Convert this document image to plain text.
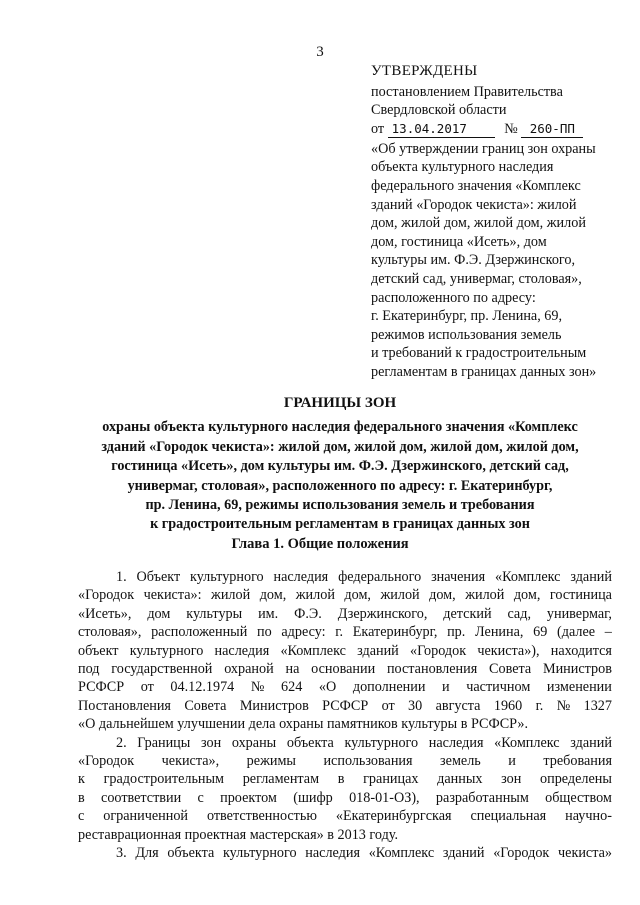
3
УТВЕРЖДЕНЫ
постановлением Правительства
Свердловской области
от 13.04.2017	№ 260-ПП
«Об утверждении границ зон охраны
объекта культурного наследия
федерального значения «Комплекс
зданий «Городок чекиста»: жилой
дом, жилой дом, жилой дом, жилой
дом, гостиница «Исеть», дом
культуры им. Ф.Э. Дзержинского,
детский сад, универмаг, столовая»,
расположенного по адресу:
г. Екатеринбург, пр. Ленина, 69,
режимов использования земель
и требований к градостроительным
регламентам в границах данных зон»
ГРАНИЦЫ ЗОН
охраны объекта культурного наследия федерального значения «Комплекс
зданий «Городок чекиста»: жилой дом, жилой дом, жилой дом, жилой дом,
гостиница «Исеть», дом культуры им. Ф.Э. Дзержинского, детский сад,
универмаг, столовая», расположенного по адресу: г. Екатеринбург,
пр. Ленина, 69, режимы использования земель и требования
к градостроительным регламентам в границах данных зон
Глава 1. Общие положения
1. Объект культурного наследия федерального значения «Комплекс зданий
«Городок чекиста»: жилой дом, жилой дом, жилой дом, жилой дом, гостиница
«Исеть», дом культуры им. Ф.Э. Дзержинского, детский сад, универмаг,
столовая», расположенный по адресу: г. Екатеринбург, пр. Ленина, 69 (далее –
объект культурного наследия «Комплекс зданий «Городок чекиста»), находится
под государственной охраной на основании постановления Совета Министров
РСФСР от 04.12.1974 № 624 «О дополнении и частичном изменении
Постановления Совета Министров РСФСР от 30 августа 1960 г. № 1327
«О дальнейшем улучшении дела охраны памятников культуры в РСФСР».
2. Границы зон охраны объекта культурного наследия «Комплекс зданий
«Городок чекиста», режимы использования земель и требования
к градостроительным регламентам в границах данных зон определены
в соответствии с проектом (шифр 018-01-ОЗ), разработанным обществом
с ограниченной ответственностью «Екатеринбургская специальная научно-
реставрационная проектная мастерская» в 2013 году.
3. Для объекта культурного наследия «Комплекс зданий «Городок чекиста»
